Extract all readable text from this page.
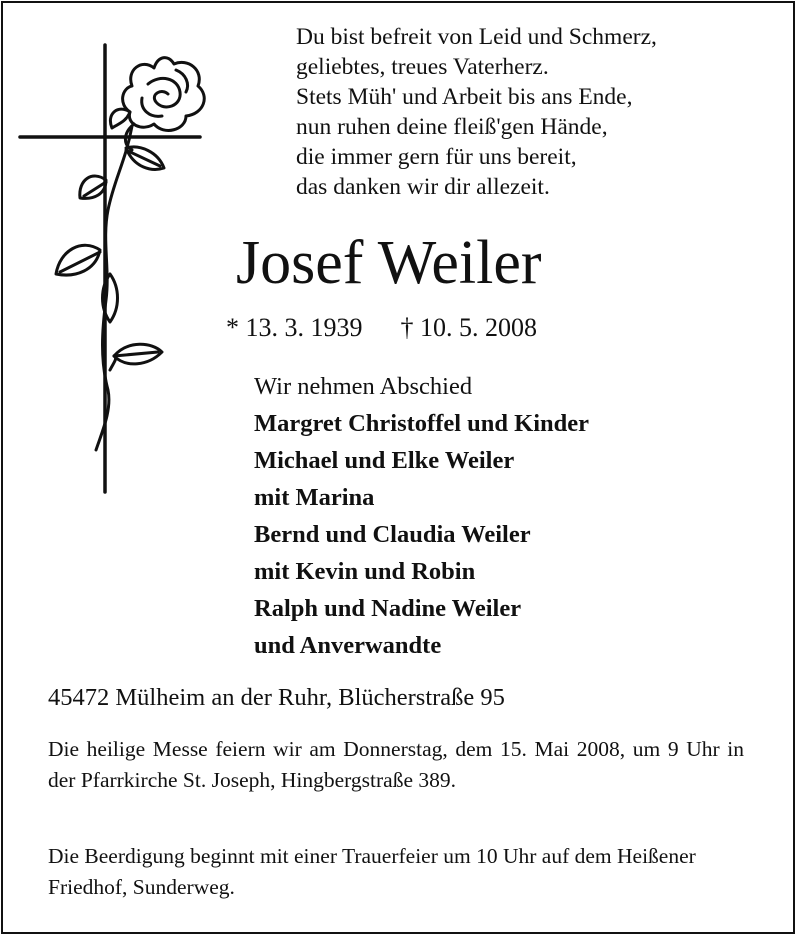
Du bist befreit von Leid und Schmerz,
geliebtes, treues Vaterherz.
Stets Müh' und Arbeit bis ans Ende,
nun ruhen deine fleiß'gen Hände,
die immer gern für uns bereit,
das danken wir dir allezeit.
Josef Weiler
* 13. 3. 1939 † 10. 5. 2008
Wir nehmen Abschied
Margret Christoffel und Kinder
Michael und Elke Weiler
mit Marina
Bernd und Claudia Weiler
mit Kevin und Robin
Ralph und Nadine Weiler
und Anverwandte
45472 Mülheim an der Ruhr, Blücherstraße 95
Die heilige Messe feiern wir am Donnerstag, dem 15. Mai 2008, um 9 Uhr in der Pfarrkirche St. Joseph, Hingbergstraße 389.
Die Beerdigung beginnt mit einer Trauerfeier um 10 Uhr auf dem Heißener Friedhof, Sunderweg.
